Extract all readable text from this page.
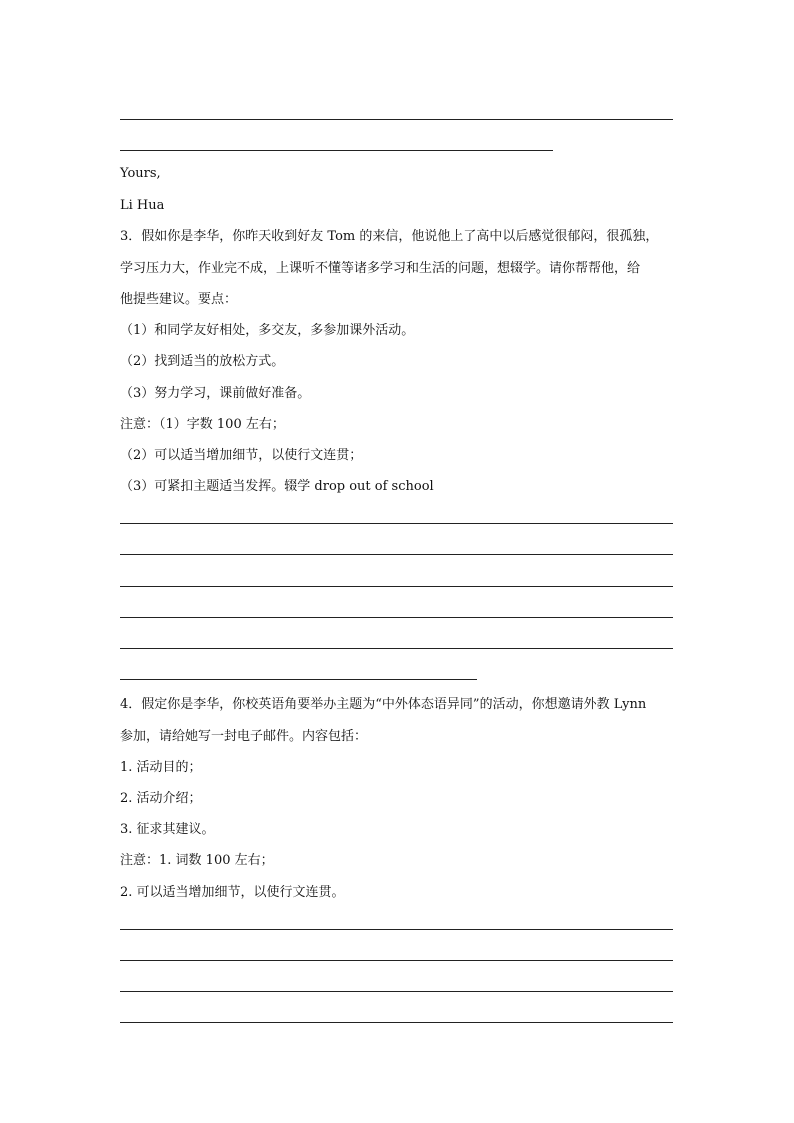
Yours,
Li Hua
3．假如你是李华，你昨天收到好友 Tom 的来信，他说他上了高中以后感觉很郁闷，很孤独，
学习压力大，作业完不成，上课听不懂等诸多学习和生活的问题，想辍学。请你帮帮他，给
他提些建议。要点：
（1）和同学友好相处，多交友，多参加课外活动。
（2）找到适当的放松方式。
（3）努力学习，课前做好准备。
注意：（1）字数 100 左右；
（2）可以适当增加细节，以使行文连贯；
（3）可紧扣主题适当发挥。辍学 drop out of school
4．假定你是李华，你校英语角要举办主题为“中外体态语异同”的活动，你想邀请外教 Lynn
参加，请给她写一封电子邮件。内容包括：
1. 活动目的；
2. 活动介绍；
3. 征求其建议。
注意：1. 词数 100 左右；
2. 可以适当增加细节，以使行文连贯。
